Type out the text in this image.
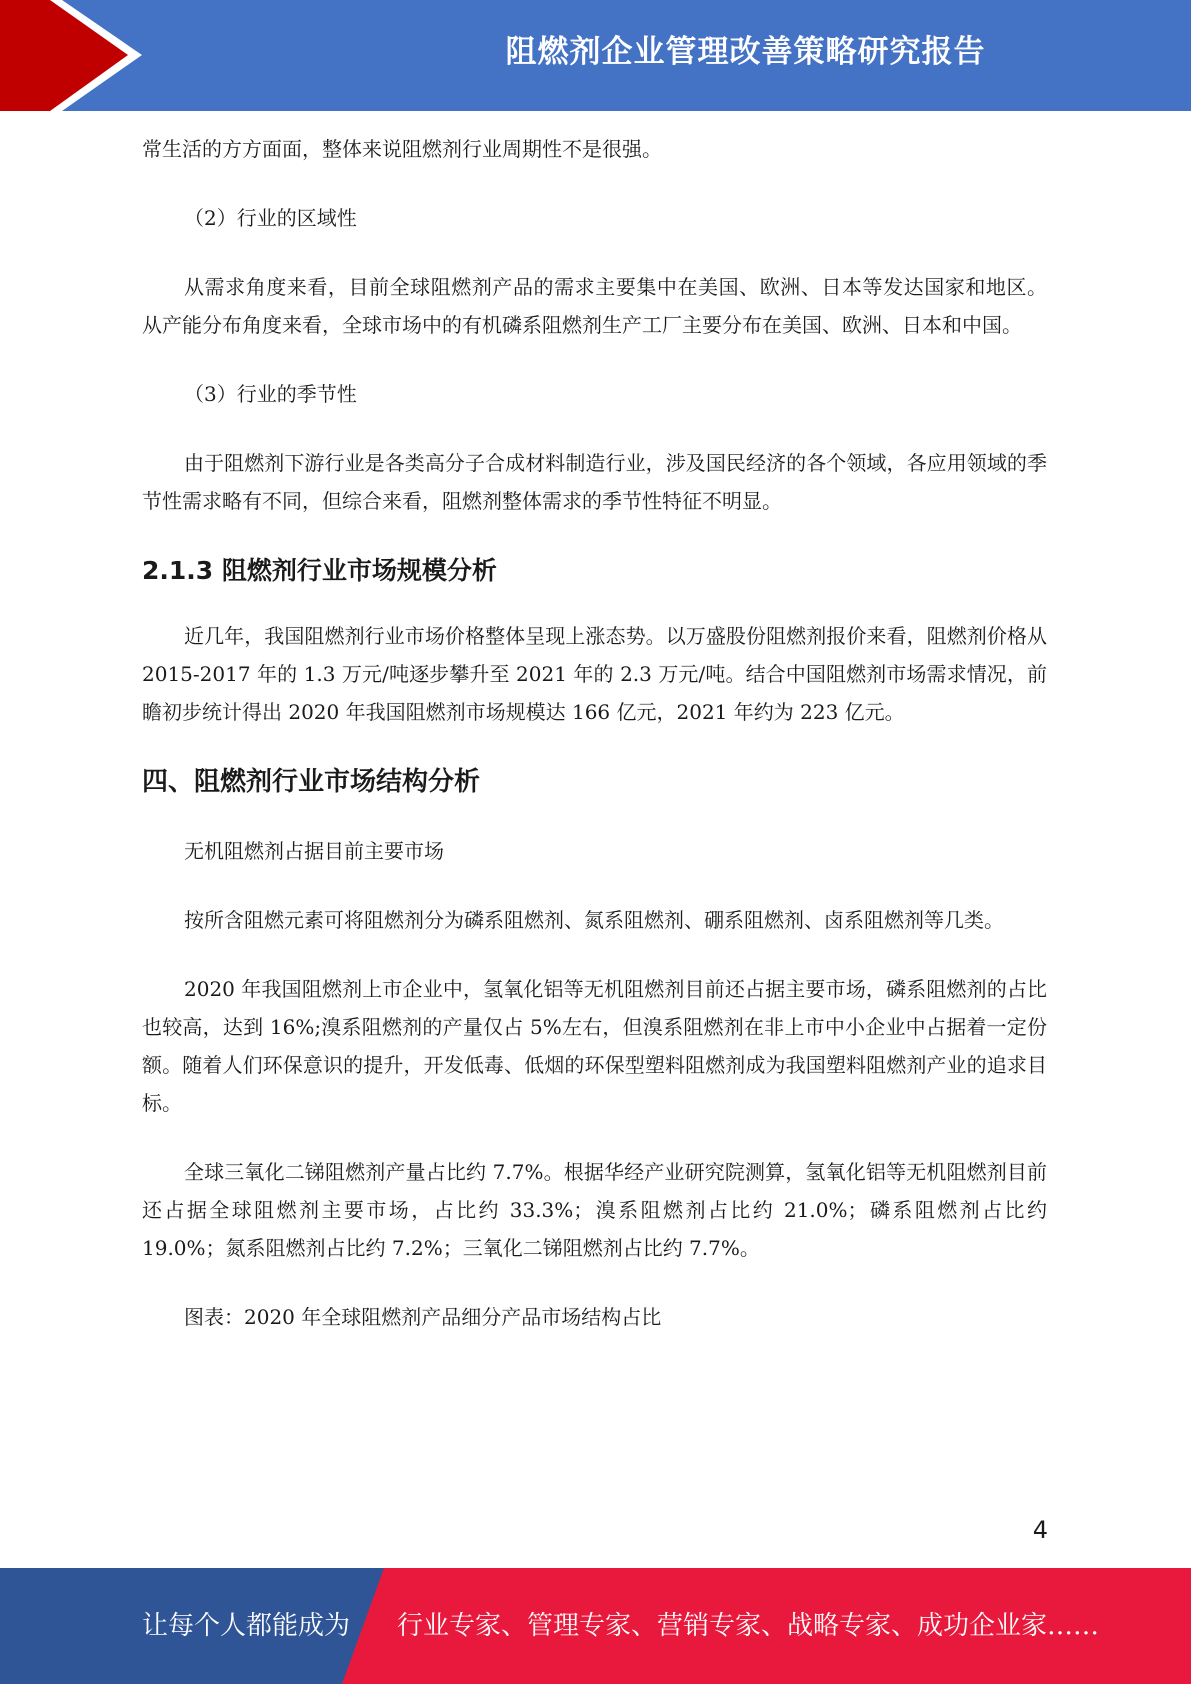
阻燃剂企业管理改善策略研究报告

常生活的方方面面，整体来说阻燃剂行业周期性不是很强。

（2）行业的区域性

从需求角度来看，目前全球阻燃剂产品的需求主要集中在美国、欧洲、日本等发达国家和地区。 从产能分布角度来看，全球市场中的有机磷系阻燃剂生产工厂主要分布在美国、欧洲、日本和中国。

（3）行业的季节性

由于阻燃剂下游行业是各类高分子合成材料制造行业，涉及国民经济的各个领域，各应用领域的季节性需求略有不同，但综合来看，阻燃剂整体需求的季节性特征不明显。

2.1.3 阻燃剂行业市场规模分析

近几年，我国阻燃剂行业市场价格整体呈现上涨态势。以万盛股份阻燃剂报价来看，阻燃剂价格从 2015-2017 年的 1.3 万元/吨逐步攀升至 2021 年的 2.3 万元/吨。结合中国阻燃剂市场需求情况，前瞻初步统计得出 2020 年我国阻燃剂市场规模达 166 亿元，2021 年约为 223 亿元。

四、阻燃剂行业市场结构分析

无机阻燃剂占据目前主要市场

按所含阻燃元素可将阻燃剂分为磷系阻燃剂、氮系阻燃剂、硼系阻燃剂、卤系阻燃剂等几类。

2020 年我国阻燃剂上市企业中，氢氧化铝等无机阻燃剂目前还占据主要市场，磷系阻燃剂的占比也较高，达到 16%;溴系阻燃剂的产量仅占 5%左右，但溴系阻燃剂在非上市中小企业中占据着一定份额。随着人们环保意识的提升，开发低毒、低烟的环保型塑料阻燃剂成为我国塑料阻燃剂产业的追求目标。

全球三氧化二锑阻燃剂产量占比约 7.7%。根据华经产业研究院测算，氢氧化铝等无机阻燃剂目前还占据全球阻燃剂主要市场，占比约 33.3%；溴系阻燃剂占比约 21.0%；磷系阻燃剂占比约 19.0%；氮系阻燃剂占比约 7.2%；三氧化二锑阻燃剂占比约 7.7%。

图表：2020 年全球阻燃剂产品细分产品市场结构占比

4
让每个人都能成为 行业专家、管理专家、营销专家、战略专家、成功企业家……
